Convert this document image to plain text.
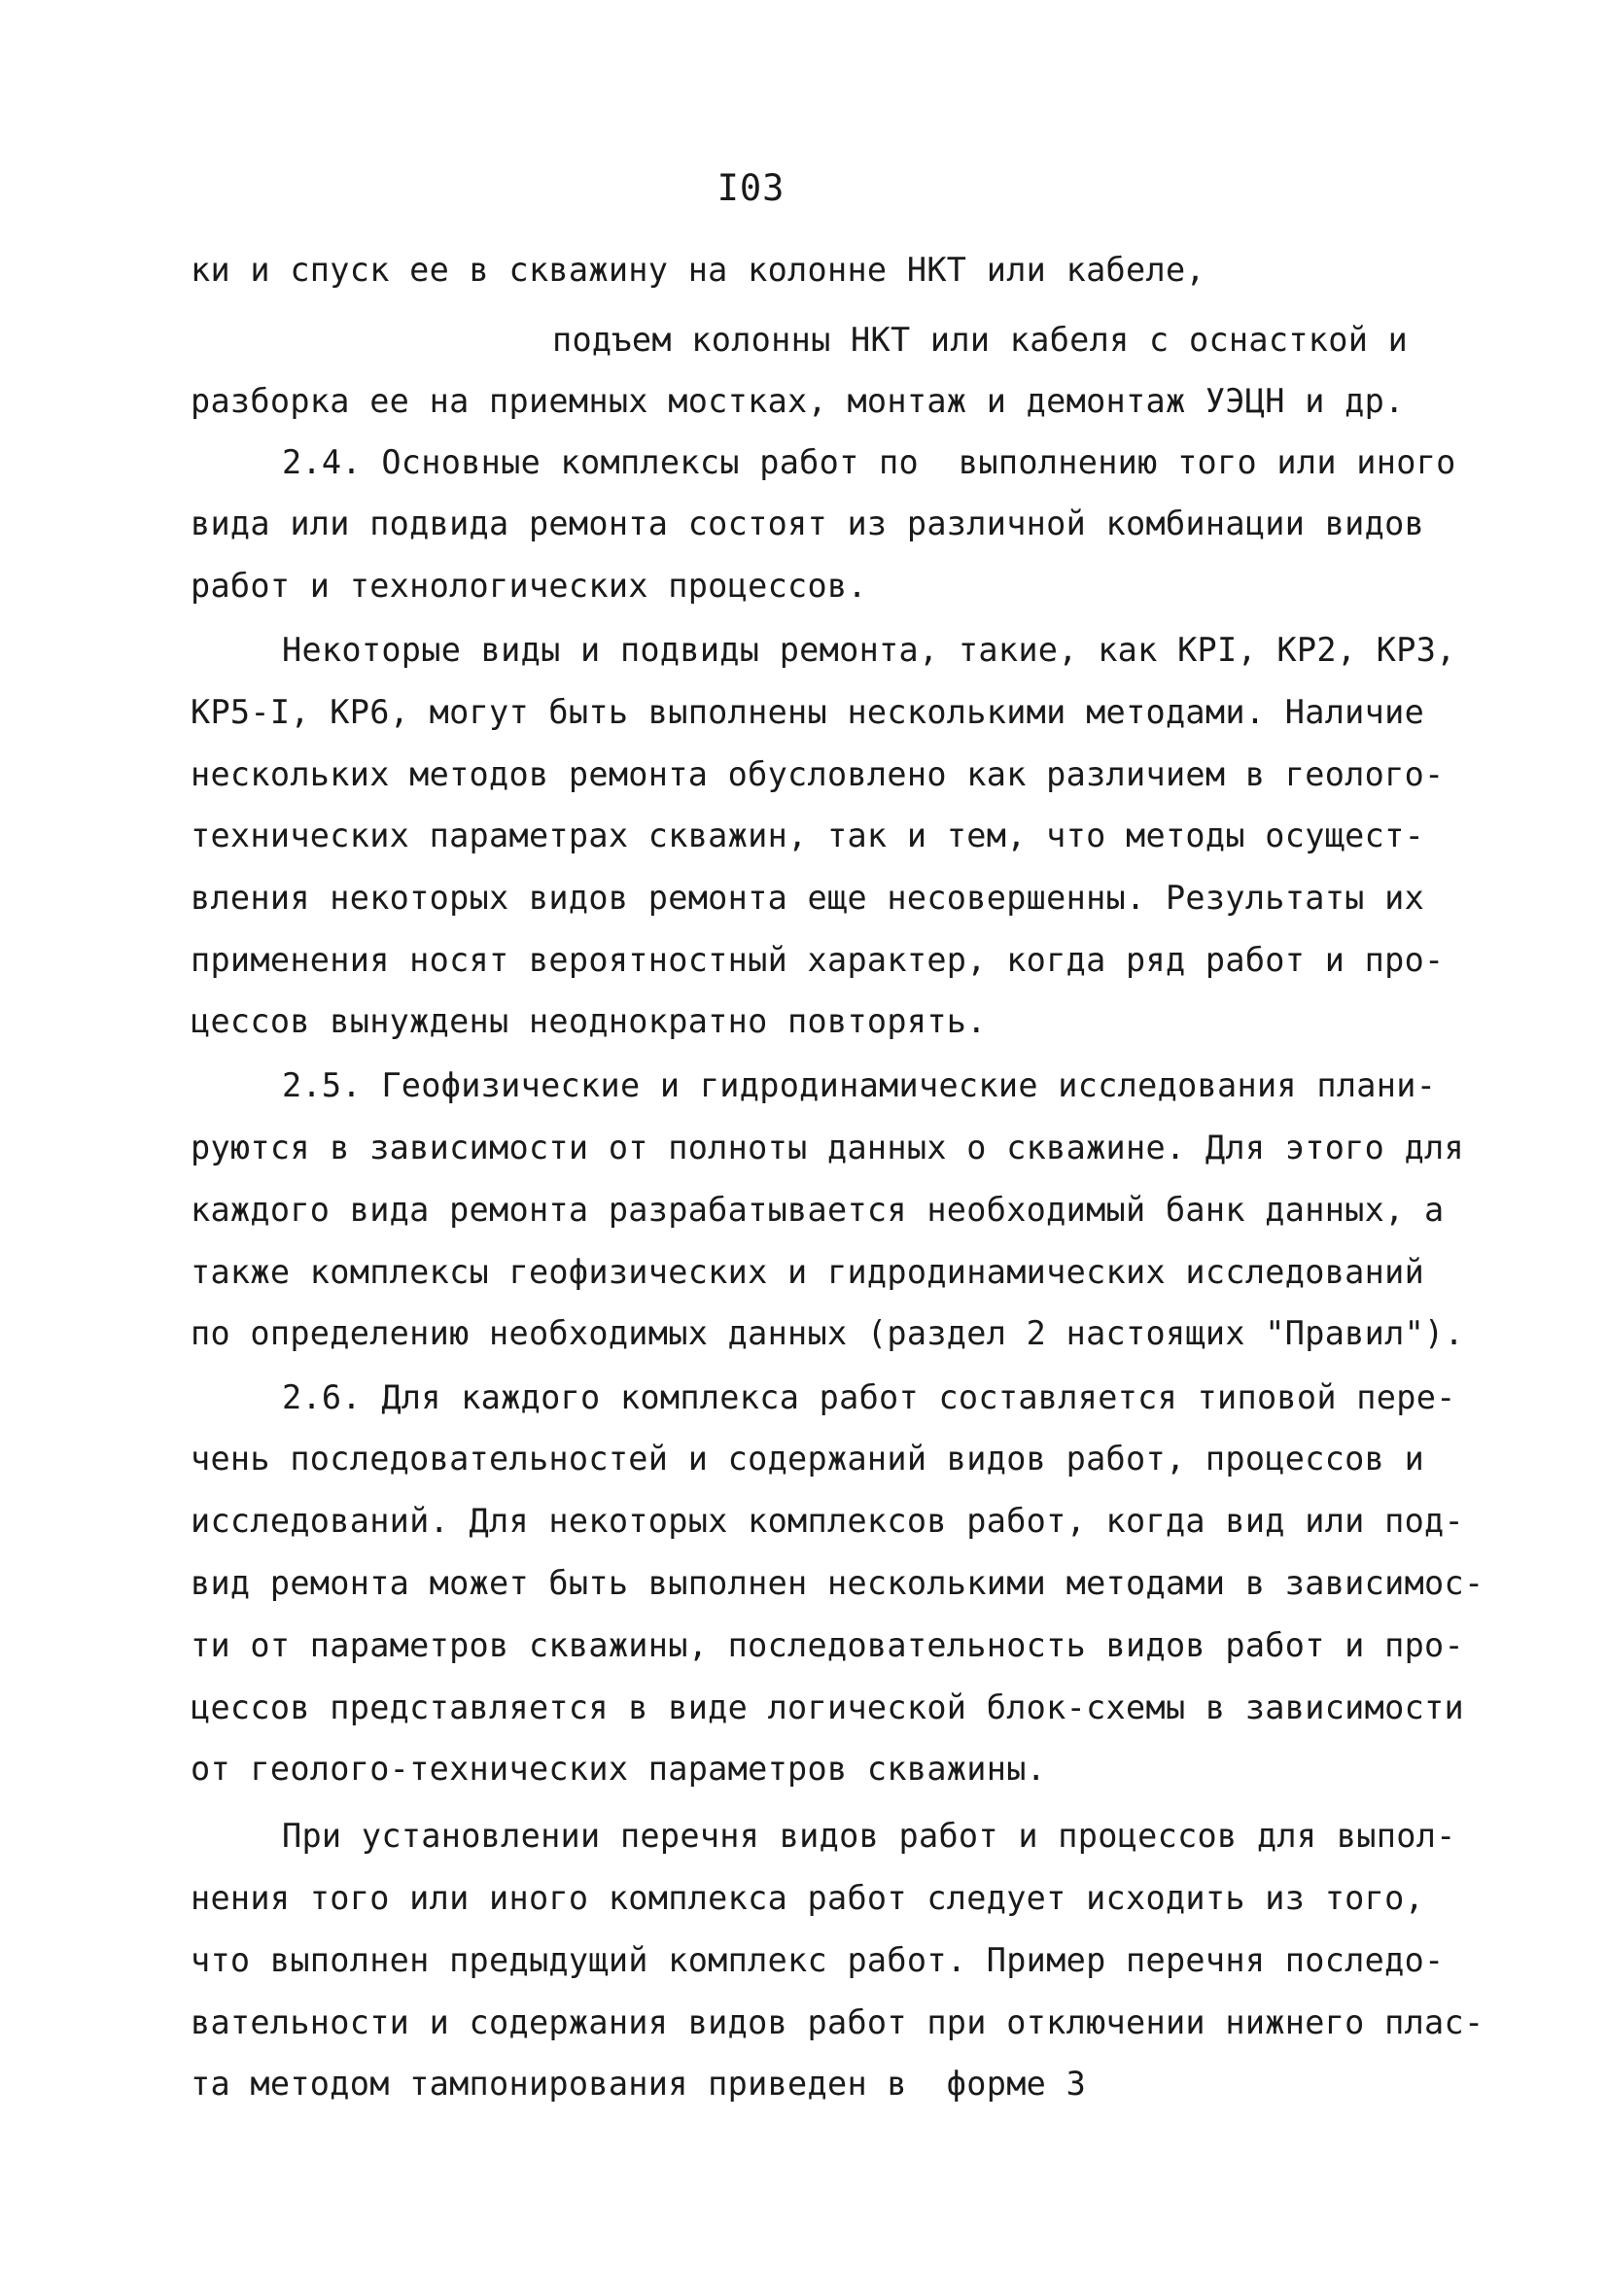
I03
ки и спуск ее в скважину на колонне НКТ или кабеле,
подъем колонны НКТ или кабеля с оснасткой и
разборка ее на приемных мостках, монтаж и демонтаж УЭЦН и др.
2.4. Основные комплексы работ по  выполнению того или иного
вида или подвида ремонта состоят из различной комбинации видов
работ и технологических процессов.
Некоторые виды и подвиды ремонта, такие, как КРI, КР2, КР3,
КР5-I, КР6, могут быть выполнены несколькими методами. Наличие
нескольких методов ремонта обусловлено как различием в геолого-
технических параметрах скважин, так и тем, что методы осущест-
вления некоторых видов ремонта еще несовершенны. Результаты их
применения носят вероятностный характер, когда ряд работ и про-
цессов вынуждены неоднократно повторять.
2.5. Геофизические и гидродинамические исследования плани-
руются в зависимости от полноты данных о скважине. Для этого для
каждого вида ремонта разрабатывается необходимый банк данных, а
также комплексы геофизических и гидродинамических исследований
по определению необходимых данных (раздел 2 настоящих "Правил").
2.6. Для каждого комплекса работ составляется типовой пере-
чень последовательностей и содержаний видов работ, процессов и
исследований. Для некоторых комплексов работ, когда вид или под-
вид ремонта может быть выполнен несколькими методами в зависимос-
ти от параметров скважины, последовательность видов работ и про-
цессов представляется в виде логической блок-схемы в зависимости
от геолого-технических параметров скважины.
При установлении перечня видов работ и процессов для выпол-
нения того или иного комплекса работ следует исходить из того,
что выполнен предыдущий комплекс работ. Пример перечня последо-
вательности и содержания видов работ при отключении нижнего плас-
та методом тампонирования приведен в  форме 3
